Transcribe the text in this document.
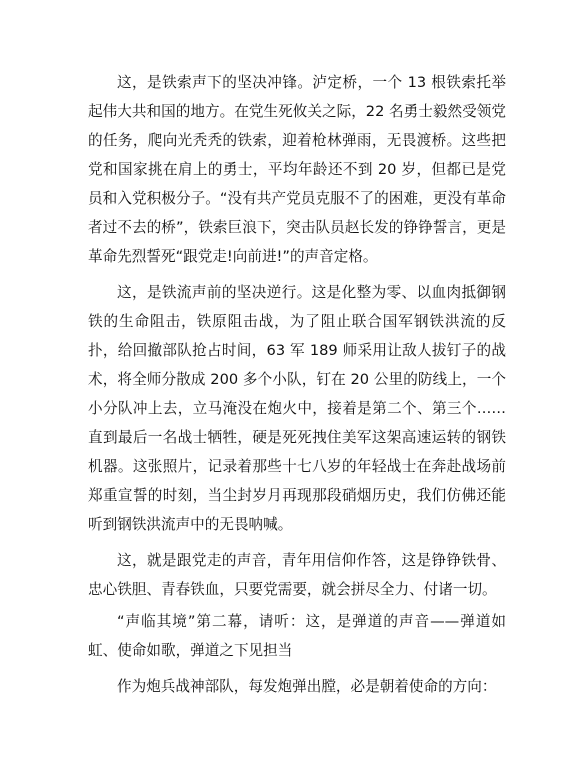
这，是铁索声下的坚决冲锋。泸定桥，一个 13 根铁索托举起伟大共和国的地方。在党生死攸关之际，22 名勇士毅然受领党的任务，爬向光秃秃的铁索，迎着枪林弹雨，无畏渡桥。这些把党和国家挑在肩上的勇士，平均年龄还不到 20 岁，但都已是党员和入党积极分子。“没有共产党员克服不了的困难，更没有革命者过不去的桥”，铁索巨浪下，突击队员赵长发的铮铮誓言，更是革命先烈誓死“跟党走!向前进!”的声音定格。

这，是铁流声前的坚决逆行。这是化整为零、以血肉抵御钢铁的生命阻击，铁原阻击战，为了阻止联合国军钢铁洪流的反扑，给回撤部队抢占时间，63 军 189 师采用让敌人拔钉子的战术，将全师分散成 200 多个小队，钉在 20 公里的防线上，一个小分队冲上去，立马淹没在炮火中，接着是第二个、第三个……直到最后一名战士牺牲，硬是死死拽住美军这架高速运转的钢铁机器。这张照片，记录着那些十七八岁的年轻战士在奔赴战场前郑重宣誓的时刻，当尘封岁月再现那段硝烟历史，我们仿佛还能听到钢铁洪流声中的无畏呐喊。

这，就是跟党走的声音，青年用信仰作答，这是铮铮铁骨、忠心铁胆、青春铁血，只要党需要，就会拼尽全力、付诸一切。

“声临其境”第二幕，请听：这，是弹道的声音——弹道如虹、使命如歌，弹道之下见担当

作为炮兵战神部队，每发炮弹出膛，必是朝着使命的方向：
